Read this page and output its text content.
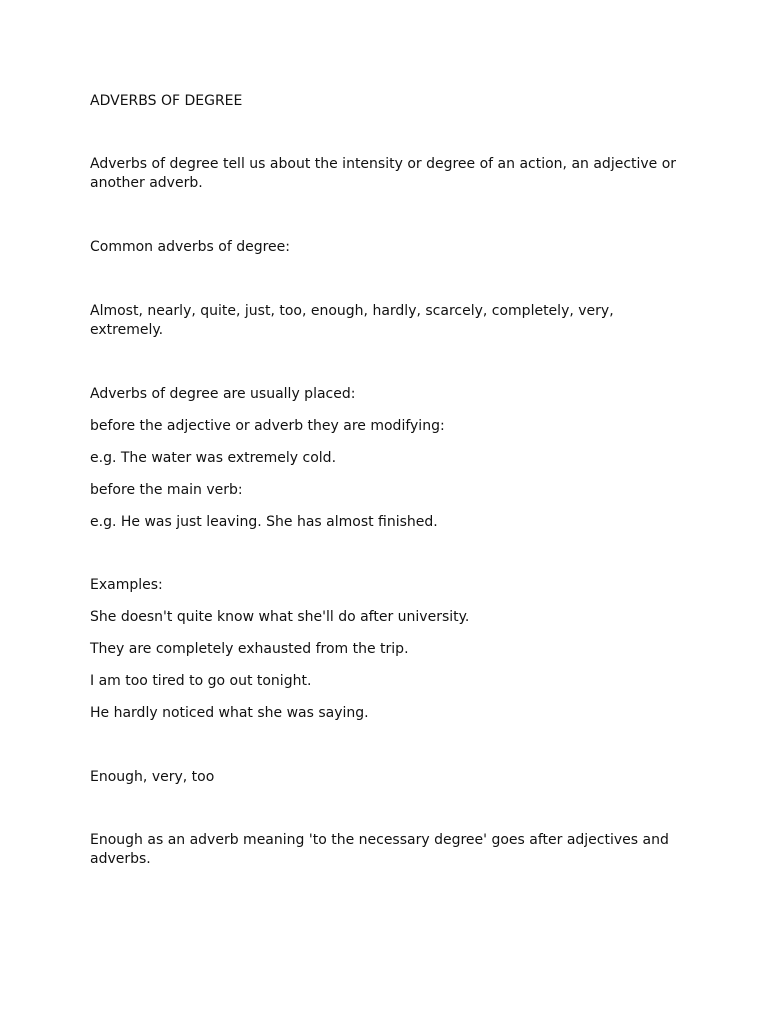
ADVERBS OF DEGREE

Adverbs of degree tell us about the intensity or degree of an action, an adjective or another adverb.

Common adverbs of degree:

Almost, nearly, quite, just, too, enough, hardly, scarcely, completely, very, extremely.

Adverbs of degree are usually placed:

before the adjective or adverb they are modifying:

e.g. The water was extremely cold.

before the main verb:

e.g. He was just leaving. She has almost finished.

Examples:

She doesn't quite know what she'll do after university.

They are completely exhausted from the trip.

I am too tired to go out tonight.

He hardly noticed what she was saying.

Enough, very, too

Enough as an adverb meaning 'to the necessary degree' goes after adjectives and adverbs.
